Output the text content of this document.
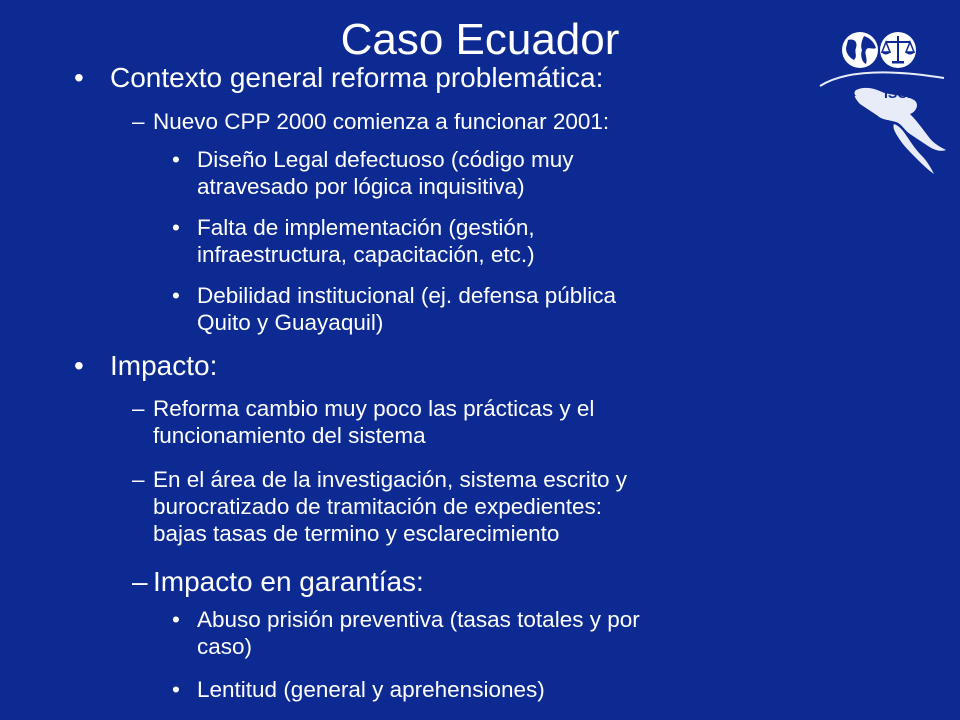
Caso Ecuador
CEJA ISCA
• Contexto general reforma problemática:
– Nuevo CPP 2000 comienza a funcionar 2001:
• Diseño Legal defectuoso (código muy
atravesado por lógica inquisitiva)
• Falta de implementación (gestión,
infraestructura, capacitación, etc.)
• Debilidad institucional (ej. defensa pública
Quito y Guayaquil)
• Impacto:
– Reforma cambio muy poco las prácticas y el
funcionamiento del sistema
– En el área de la investigación, sistema escrito y
burocratizado de tramitación de expedientes:
bajas tasas de termino y esclarecimiento
– Impacto en garantías:
• Abuso prisión preventiva (tasas totales y por
caso)
• Lentitud (general y aprehensiones)
